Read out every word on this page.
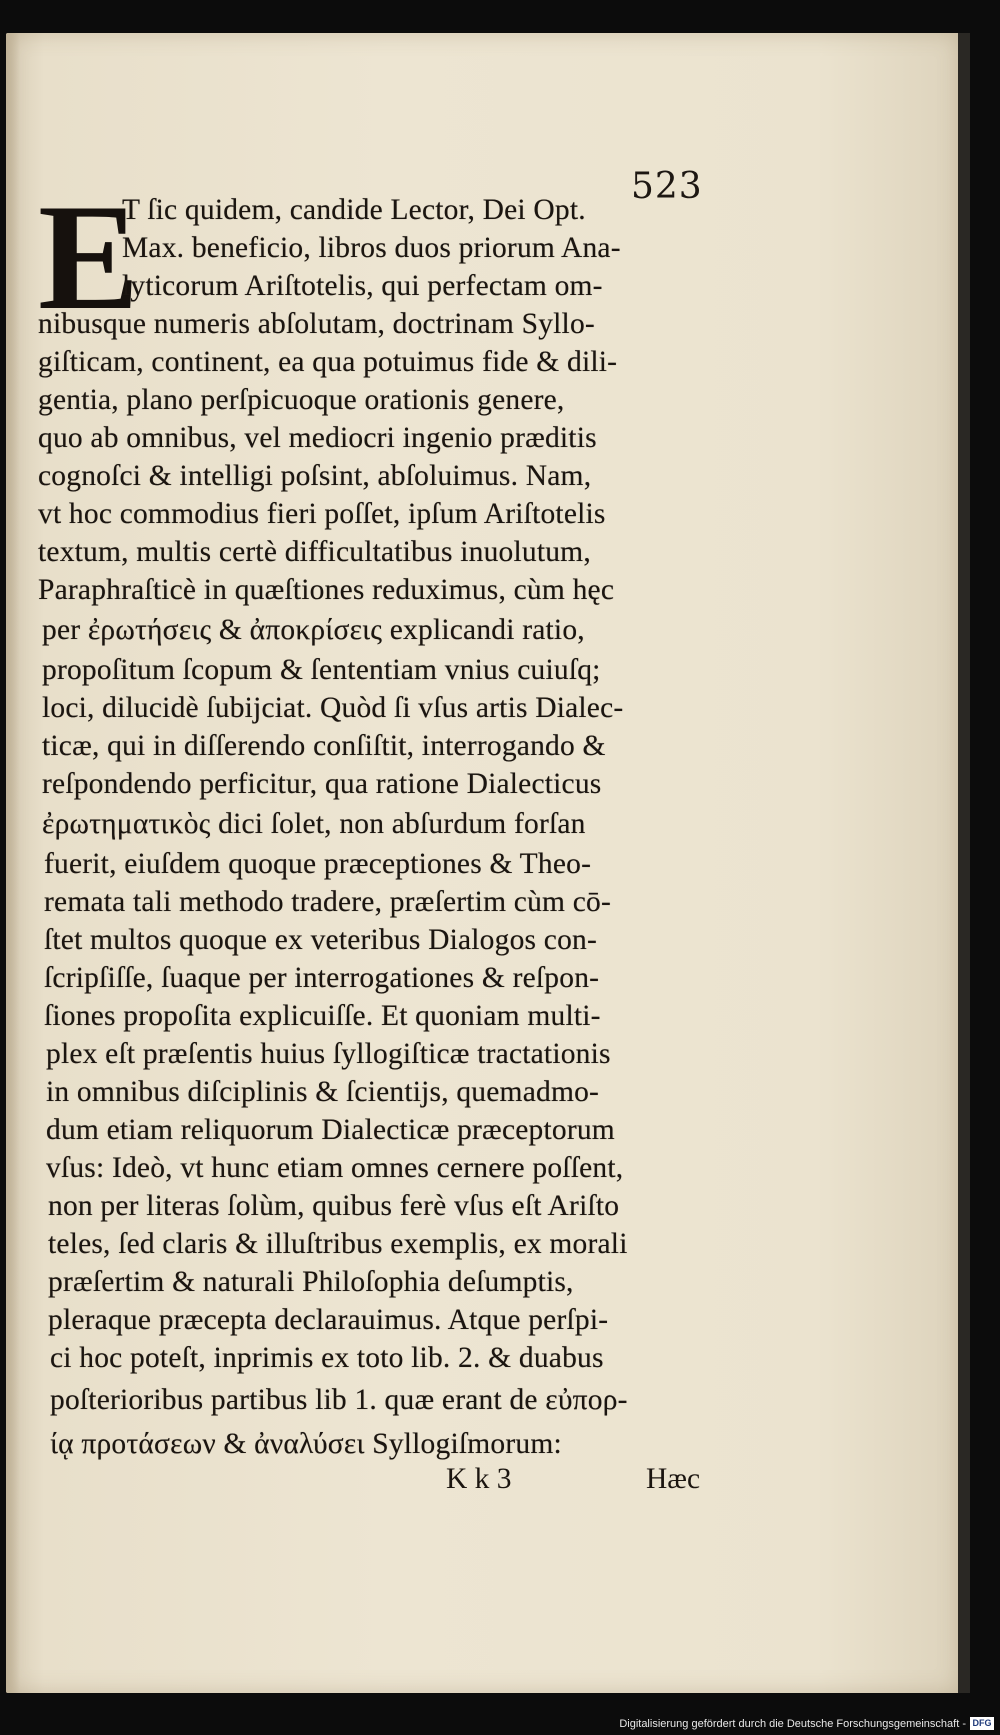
523
E
T ſic quidem, candide Lector, Dei Opt.
Max. beneficio, libros duos priorum Ana-
lyticorum Ariſtotelis, qui perfectam om-
nibusque numeris abſolutam, doctrinam Syllo-
giſticam, continent, ea qua potuimus fide & dili-
gentia, plano perſpicuoque orationis genere,
quo ab omnibus, vel mediocri ingenio præditis
cognoſci & intelligi poſsint, abſoluimus. Nam,
vt hoc commodius fieri poſſet, ipſum Ariſtotelis
textum, multis certè difficultatibus inuolutum,
Paraphraſticè in quæſtiones reduximus, cùm hęc
per ἐρωτήσεις & ἀποκρίσεις explicandi ratio,
propoſitum ſcopum & ſententiam vnius cuiuſq;
loci, dilucidè ſubijciat. Quòd ſi vſus artis Dialec-
ticæ, qui in diſſerendo conſiſtit, interrogando &
reſpondendo perficitur, qua ratione Dialecticus
ἐρωτηματικὸς dici ſolet, non abſurdum forſan
fuerit, eiuſdem quoque præceptiones & Theo-
remata tali methodo tradere, præſertim cùm cō-
ſtet multos quoque ex veteribus Dialogos con-
ſcripſiſſe, ſuaque per interrogationes & reſpon-
ſiones propoſita explicuiſſe. Et quoniam multi-
plex eſt præſentis huius ſyllogiſticæ tractationis
in omnibus diſciplinis & ſcientijs, quemadmo-
dum etiam reliquorum Dialecticæ præceptorum
vſus: Ideò, vt hunc etiam omnes cernere poſſent,
non per literas ſolùm, quibus ferè vſus eſt Ariſto
teles, ſed claris & illuſtribus exemplis, ex morali
præſertim & naturali Philoſophia deſumptis,
pleraque præcepta declarauimus. Atque perſpi-
ci hoc poteſt, inprimis ex toto lib. 2. & duabus
poſterioribus partibus lib 1. quæ erant de εὐπορ-
ίᾳ προτάσεων & ἀναλύσει Syllogiſmorum:
K k 3	Hæc
Digitalisierung gefördert durch die Deutsche Forschungsgemeinschaft - DFG
